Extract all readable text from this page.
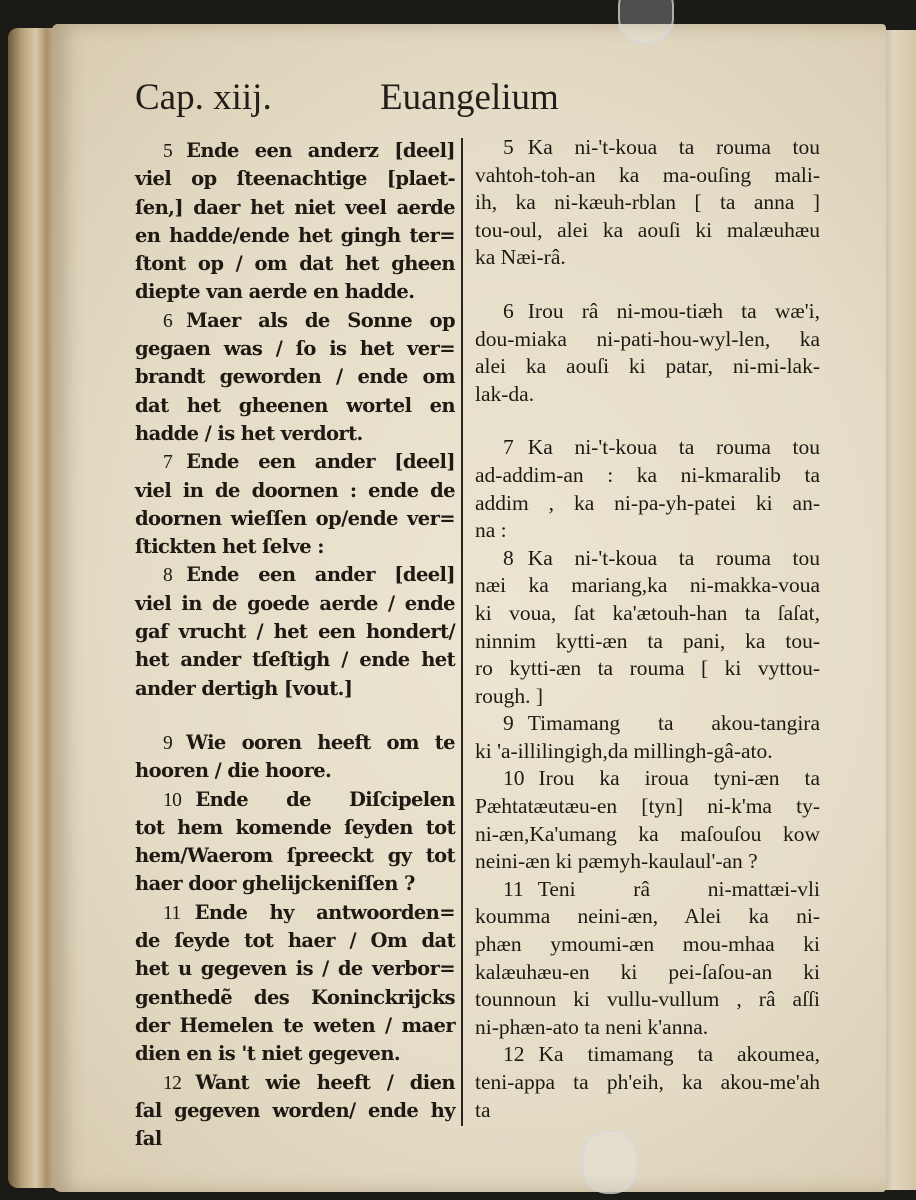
Cap. xiij.	Euangelium
5 Ende een anderz [deel]
viel op ſteenachtige [plaet-
ſen,] daer het niet veel aerde
en hadde/ende het gingh ter=
ſtont op / om dat het gheen
diepte van aerde en hadde.
6 Maer als de Sonne op
gegaen was / ſo is het ver=
brandt geworden / ende om
dat het gheenen wortel en
hadde / is het verdort.
7 Ende een ander [deel]
viel in de doornen : ende de
doornen wieſſen op/ende ver=
ſtickten het ſelve :
8 Ende een ander [deel]
viel in de goede aerde / ende
gaf vrucht / het een hondert/
het ander tſeſtigh / ende het
ander dertigh [vout.]
9 Wie ooren heeft om te
hooren / die hoore.
10 Ende de Diſcipelen
tot hem komende ſeyden tot
hem/Waerom ſpreeckt gy tot
haer door ghelijckeniſſen ?
11 Ende hy antwoorden=
de ſeyde tot haer / Om dat
het u gegeven is / de verbor=
genthedẽ des Koninckrijcks
der Hemelen te weten / maer
dien en is 't niet gegeven.
12 Want wie heeft / dien
ſal gegeven worden/ ende hy
ſal
5 Ka ni-'t-koua ta rouma tou
vahtoh-toh-an ka ma-ouſing mali-
ih, ka ni-kæuh-rblan [ ta anna ]
tou-oul, alei ka aouſi ki malæuhæu
ka Næi-râ.
6 Irou râ ni-mou-tiæh ta wæ'i,
dou-miaka ni-pati-hou-wyl-len, ka
alei ka aouſi ki patar, ni-mi-lak-
lak-da.
7 Ka ni-'t-koua ta rouma tou
ad-addim-an : ka ni-kmaralib ta
addim , ka ni-pa-yh-patei ki an-
na :
8 Ka ni-'t-koua ta rouma tou
næi ka mariang,ka ni-makka-voua
ki voua, ſat ka'ætouh-han ta ſaſat,
ninnim kytti-æn ta pani, ka tou-
ro kytti-æn ta rouma [ ki vyttou-
rough. ]
9 Timamang ta akou-tangira
ki 'a-illilingigh,da millingh-gâ-ato.
10 Irou ka iroua tyni-æn ta
Pæhtatæutæu-en [tyn] ni-k'ma ty-
ni-æn,Ka'umang ka maſouſou kow
neini-æn ki pæmyh-kaulaul'-an ?
11 Teni râ ni-mattæi-vli
koumma neini-æn, Alei ka ni-
phæn ymoumi-æn mou-mhaa ki
kalæuhæu-en ki pei-ſaſou-an ki
tounnoun ki vullu-vullum , râ aſſi
ni-phæn-ato ta neni k'anna.
12 Ka timamang ta akoumea,
teni-appa ta ph'eih, ka akou-me'ah
ta
